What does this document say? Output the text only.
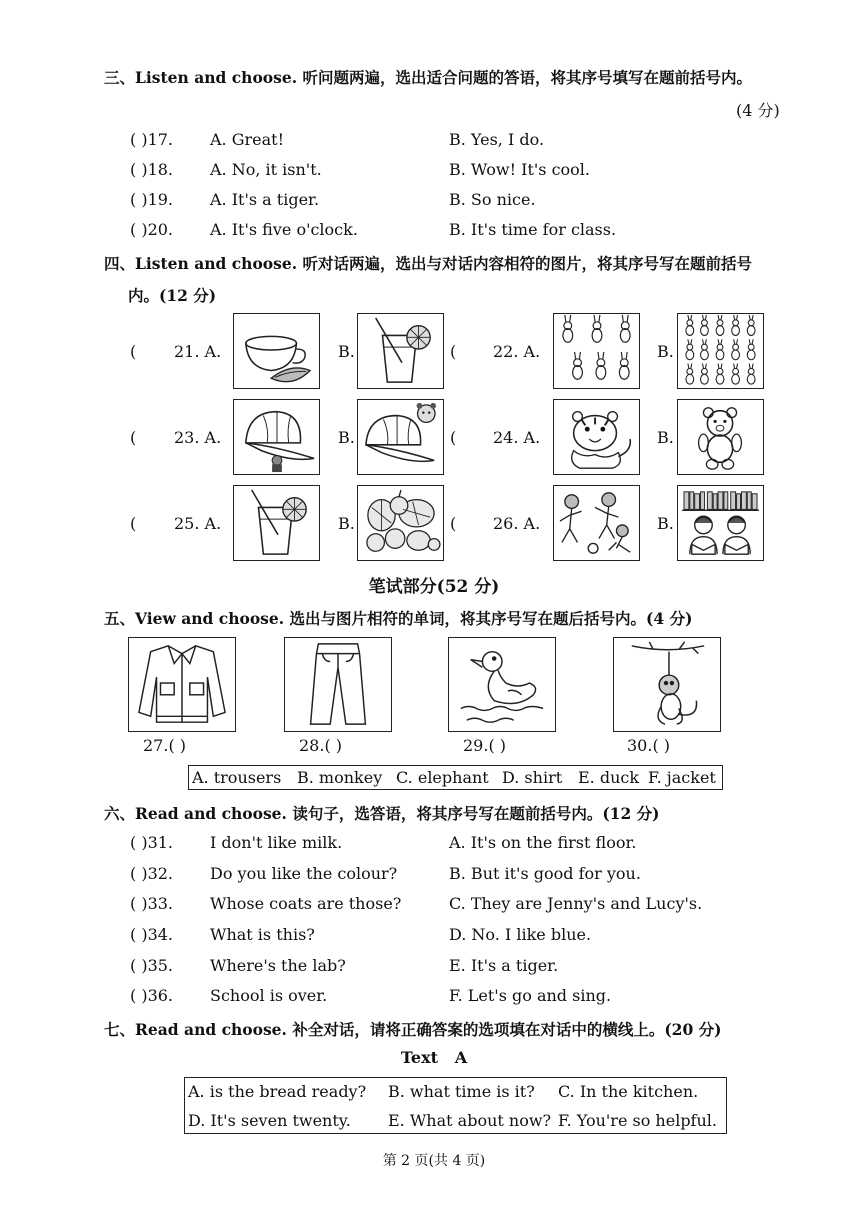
三、Listen and choose. 听问题两遍，选出适合问题的答语，将其序号填写在题前括号内。
(4 分)
( )17. A. Great!	B. Yes, I do.
( )18. A. No, it isn't.	B. Wow! It's cool.
( )19. A. It's a tiger.	B. So nice.
( )20. A. It's five o'clock.	B. It's time for class.
四、Listen and choose. 听对话两遍，选出与对话内容相符的图片，将其序号写在题前括号
内。(12 分)
( 21. A.	B.	( 22. A.	B.
( 23. A.	B.	( 24. A.	B.
( 25. A.	B.	( 26. A.	B.
笔试部分(52 分)
五、View and choose. 选出与图片相符的单词，将其序号写在题后括号内。(4 分)
27.( )	28.( )	29.( )	30.( )
A. trousers B. monkey C. elephant D. shirt E. duck F. jacket
六、Read and choose. 读句子，选答语，将其序号写在题前括号内。(12 分)
( )31. I don't like milk.	A. It's on the first floor.
( )32. Do you like the colour?	B. But it's good for you.
( )33. Whose coats are those?	C. They are Jenny's and Lucy's.
( )34. What is this?	D. No. I like blue.
( )35. Where's the lab?	E. It's a tiger.
( )36. School is over.	F. Let's go and sing.
七、Read and choose. 补全对话，请将正确答案的选项填在对话中的横线上。(20 分)
Text   A
A. is the bread ready? B. what time is it? C. In the kitchen.
D. It's seven twenty. E. What about now? F. You're so helpful.
第 2 页(共 4 页)
